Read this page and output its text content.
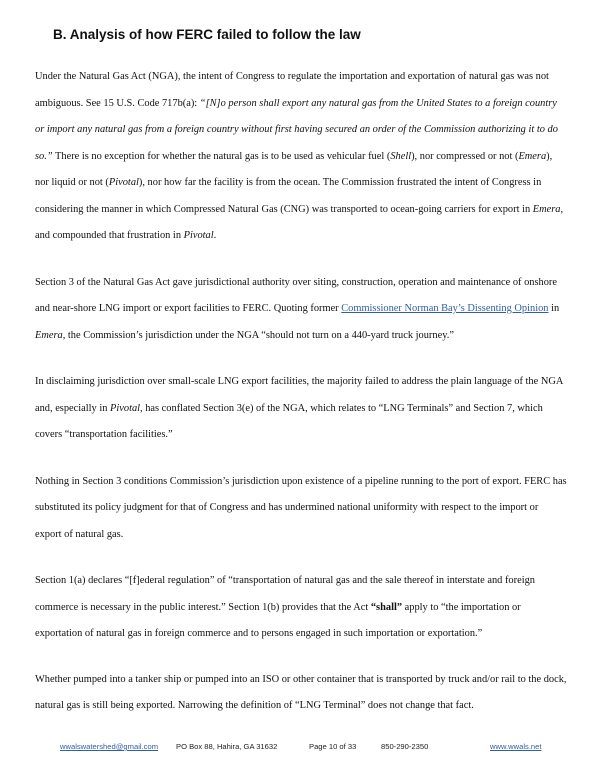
B. Analysis of how FERC failed to follow the law

Under the Natural Gas Act (NGA), the intent of Congress to regulate the importation and exportation of natural gas was not ambiguous. See 15 U.S. Code 717b(a): “[N]o person shall export any natural gas from the United States to a foreign country or import any natural gas from a foreign country without first having secured an order of the Commission authorizing it to do so.” There is no exception for whether the natural gas is to be used as vehicular fuel (Shell), nor compressed or not (Emera), nor liquid or not (Pivotal), nor how far the facility is from the ocean. The Commission frustrated the intent of Congress in considering the manner in which Compressed Natural Gas (CNG) was transported to ocean-going carriers for export in Emera, and compounded that frustration in Pivotal.

Section 3 of the Natural Gas Act gave jurisdictional authority over siting, construction, operation and maintenance of onshore and near-shore LNG import or export facilities to FERC. Quoting former Commissioner Norman Bay’s Dissenting Opinion in Emera, the Commission’s jurisdiction under the NGA “should not turn on a 440-yard truck journey.”

In disclaiming jurisdiction over small-scale LNG export facilities, the majority failed to address the plain language of the NGA and, especially in Pivotal, has conflated Section 3(e) of the NGA, which relates to “LNG Terminals” and Section 7, which covers “transportation facilities.”

Nothing in Section 3 conditions Commission’s jurisdiction upon existence of a pipeline running to the port of export. FERC has substituted its policy judgment for that of Congress and has undermined national uniformity with respect to the import or export of natural gas.

Section 1(a) declares “[f]ederal regulation” of “transportation of natural gas and the sale thereof in interstate and foreign commerce is necessary in the public interest.” Section 1(b) provides that the Act “shall” apply to “the importation or exportation of natural gas in foreign commerce and to persons engaged in such importation or exportation.”

Whether pumped into a tanker ship or pumped into an ISO or other container that is transported by truck and/or rail to the dock, natural gas is still being exported. Narrowing the definition of “LNG Terminal” does not change that fact.

wwalswatershed@gmail.com PO Box 88, Hahira, GA 31632	Page 10 of 33	850-290-2350	www.wwals.net
